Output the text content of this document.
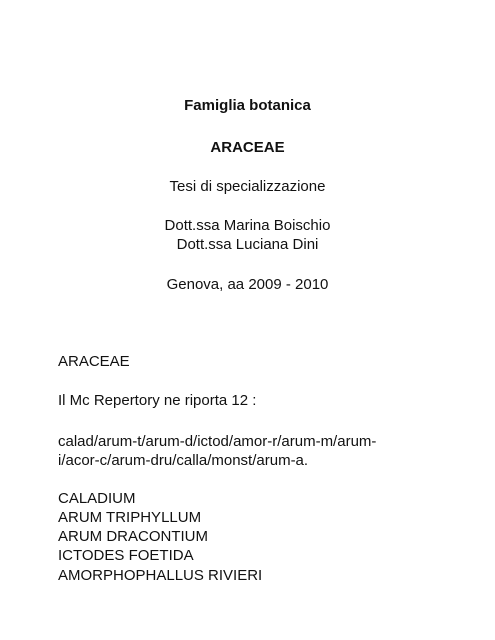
Famiglia botanica
ARACEAE
Tesi di specializzazione
Dott.ssa Marina Boischio
Dott.ssa Luciana Dini
Genova, aa 2009 - 2010
ARACEAE
Il Mc Repertory ne riporta 12 :
calad/arum-t/arum-d/ictod/amor-r/arum-m/arum-
i/acor-c/arum-dru/calla/monst/arum-a.
CALADIUM
ARUM TRIPHYLLUM
ARUM DRACONTIUM
ICTODES FOETIDA
AMORPHOPHALLUS RIVIERI
